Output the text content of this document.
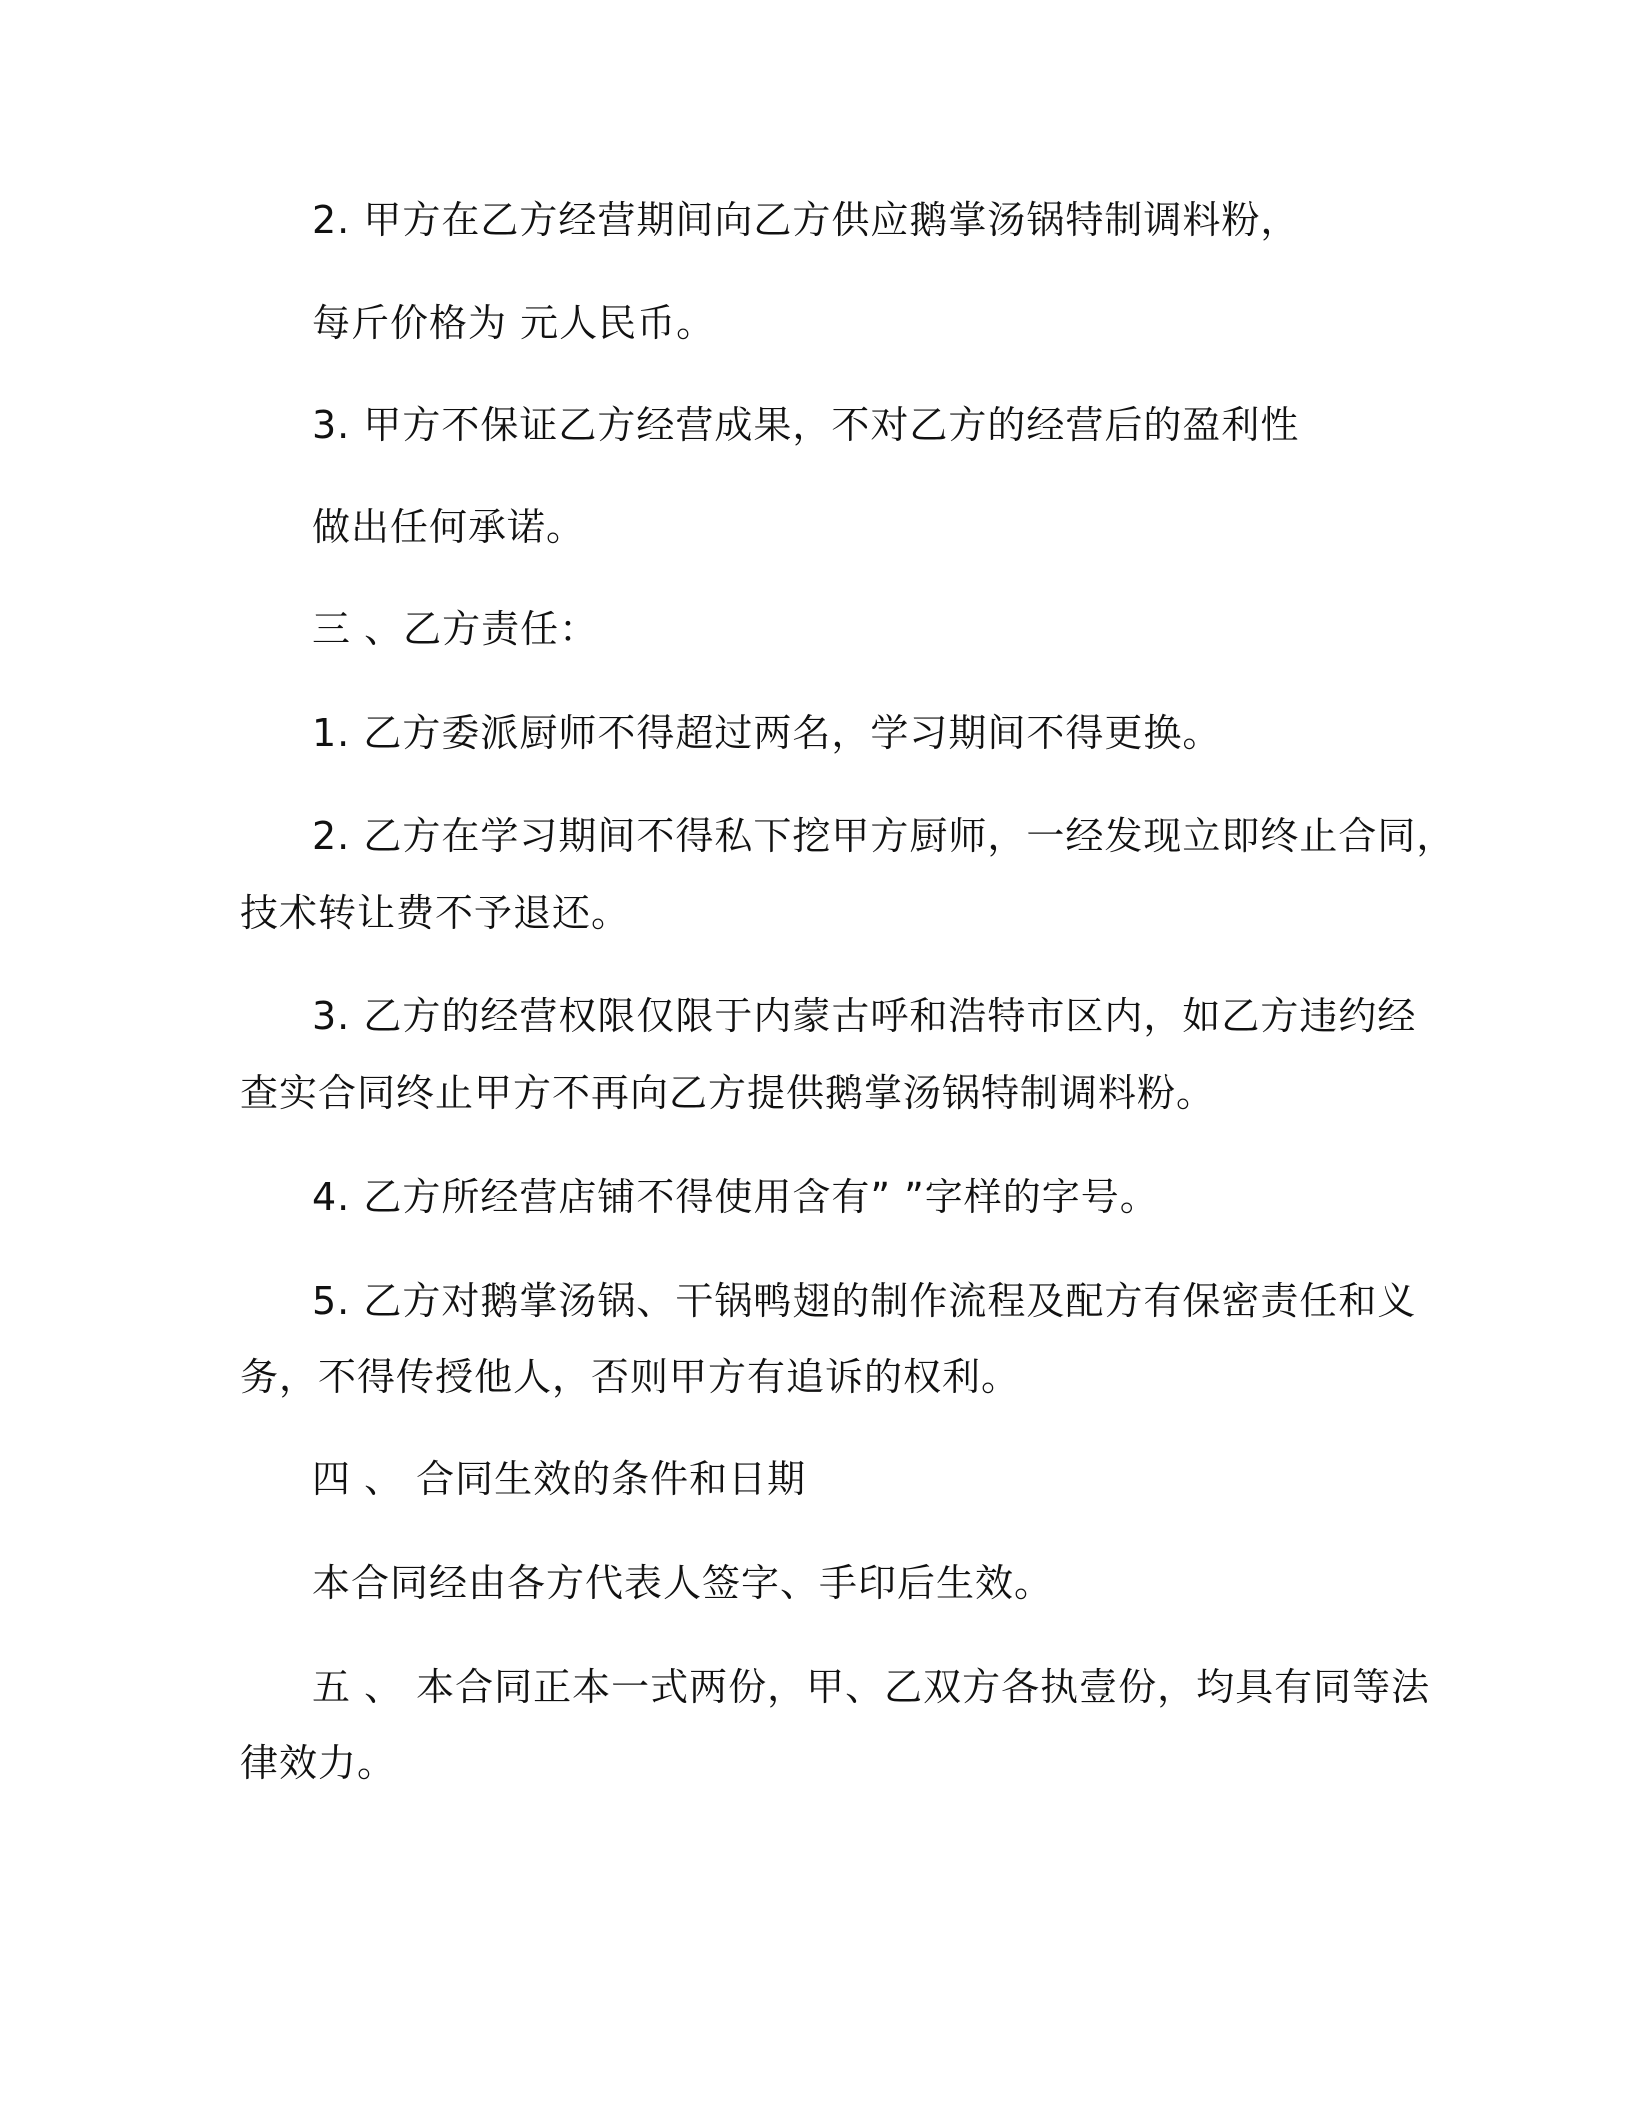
2. 甲方在乙方经营期间向乙方供应鹅掌汤锅特制调料粉，
每斤价格为 元人民币。
3. 甲方不保证乙方经营成果，不对乙方的经营后的盈利性
做出任何承诺。
三 、乙方责任：
1. 乙方委派厨师不得超过两名，学习期间不得更换。
2. 乙方在学习期间不得私下挖甲方厨师，一经发现立即终止合同，
技术转让费不予退还。
3. 乙方的经营权限仅限于内蒙古呼和浩特市区内，如乙方违约经
查实合同终止甲方不再向乙方提供鹅掌汤锅特制调料粉。
4. 乙方所经营店铺不得使用含有” ”字样的字号。
5. 乙方对鹅掌汤锅、干锅鸭翅的制作流程及配方有保密责任和义
务，不得传授他人，否则甲方有追诉的权利。
四 、 合同生效的条件和日期
本合同经由各方代表人签字、手印后生效。
五 、 本合同正本一式两份，甲、乙双方各执壹份，均具有同等法
律效力。
